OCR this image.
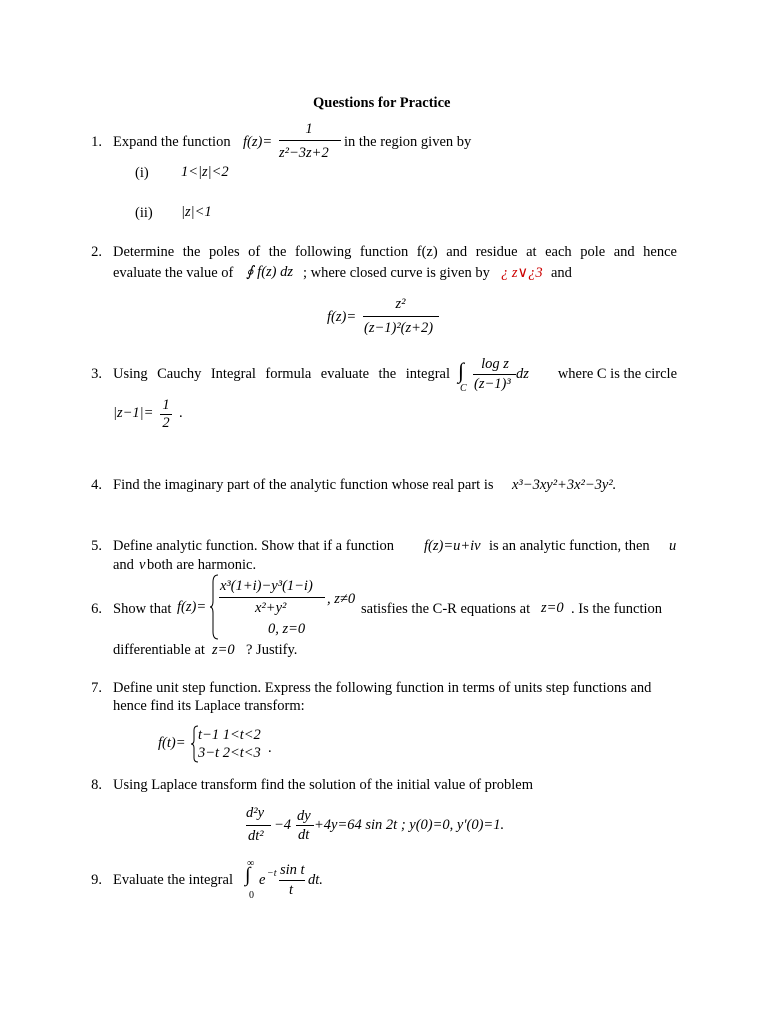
Questions for Practice
1. Expand the function f(z)=
1
z²−3z+2
in the region given by
(i) 1<|z|<2
(ii) |z|<1
2. Determine the poles of the following function f(z) and residue at each pole and hence
evaluate the value of ∮ f(z) dz ; where closed curve is given by ¿ z∨¿3 and
f(z)=
z²
(z−1)²(z+2)
3. Using Cauchy Integral formula evaluate the integral ∫
C
log z
(z−1)³
dz	where C is the circle
|z−1|= 1
2
.
4. Find the imaginary part of the analytic function whose real part is x³−3xy²+3x²−3y².
5. Define analytic function. Show that if a function f(z)=u+iv is an analytic function, then u
and v both are harmonic.
6. Show that f(z)=
x³(1+i)−y³(1−i)
x²+y²
, z≠0
0, z=0
satisfies the C-R equations at z=0 . Is the function
differentiable at z=0 ? Justify.
7. Define unit step function. Express the following function in terms of units step functions and
hence find its Laplace transform:
f(t)= t−1 1<t<2
3−t 2<t<3 .
8. Using Laplace transform find the solution of the initial value of problem
d²y
dt²
−4
dy
dt
+4y=64 sin 2t ; y(0)=0, y′(0)=1.
9. Evaluate the integral
∞
∫
0
e −t sin t
t
dt.
